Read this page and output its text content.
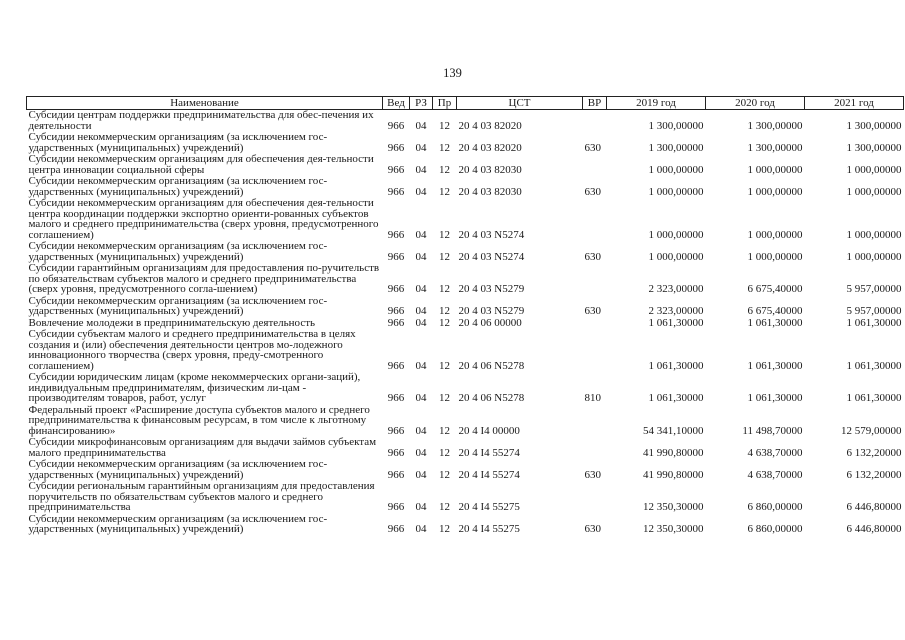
139
Наименование	Вед	РЗ	Пр	ЦСТ	ВР	2019 год	2020 год	2021 год
Субсидии центрам поддержки предпринимательства для обес-печения их деятельности	966	04	12	20 4 03 82020		1 300,00000	1 300,00000	1 300,00000
Субсидии некоммерческим организациям (за исключением гос-ударственных (муниципальных) учреждений)	966	04	12	20 4 03 82020	630	1 300,00000	1 300,00000	1 300,00000
Субсидии некоммерческим организациям для обеспечения дея-тельности центра инновации социальной сферы	966	04	12	20 4 03 82030		1 000,00000	1 000,00000	1 000,00000
Субсидии некоммерческим организациям (за исключением гос-ударственных (муниципальных) учреждений)	966	04	12	20 4 03 82030	630	1 000,00000	1 000,00000	1 000,00000
Субсидии некоммерческим организациям для обеспечения дея-тельности центра координации поддержки экспортно ориенти-рованных субъектов малого и среднего предпринимательства (сверх уровня, предусмотренного соглашением)	966	04	12	20 4 03 N5274		1 000,00000	1 000,00000	1 000,00000
Субсидии некоммерческим организациям (за исключением гос-ударственных (муниципальных) учреждений)	966	04	12	20 4 03 N5274	630	1 000,00000	1 000,00000	1 000,00000
Субсидии гарантийным организациям для предоставления по-ручительств по обязательствам субъектов малого и среднего предпринимательства (сверх уровня, предусмотренного согла-шением)	966	04	12	20 4 03 N5279		2 323,00000	6 675,40000	5 957,00000
Субсидии некоммерческим организациям (за исключением гос-ударственных (муниципальных) учреждений)	966	04	12	20 4 03 N5279	630	2 323,00000	6 675,40000	5 957,00000
Вовлечение молодежи в предпринимательскую деятельность	966	04	12	20 4 06 00000		1 061,30000	1 061,30000	1 061,30000
Субсидии субъектам малого и среднего предпринимательства в целях создания и (или) обеспечения деятельности центров мо-лодежного инновационного творчества (сверх уровня, преду-смотренного соглашением)	966	04	12	20 4 06 N5278		1 061,30000	1 061,30000	1 061,30000
Субсидии юридическим лицам (кроме некоммерческих органи-заций), индивидуальным предпринимателям, физическим ли-цам - производителям товаров, работ, услуг	966	04	12	20 4 06 N5278	810	1 061,30000	1 061,30000	1 061,30000
Федеральный проект «Расширение доступа субъектов малого и среднего предпринимательства к финансовым ресурсам, в том числе к льготному финансированию»	966	04	12	20 4 I4 00000		54 341,10000	11 498,70000	12 579,00000
Субсидии микрофинансовым организациям для выдачи займов субъектам малого предпринимательства	966	04	12	20 4 I4 55274		41 990,80000	4 638,70000	6 132,20000
Субсидии некоммерческим организациям (за исключением гос-ударственных (муниципальных) учреждений)	966	04	12	20 4 I4 55274	630	41 990,80000	4 638,70000	6 132,20000
Субсидии региональным гарантийным организациям для предоставления поручительств по обязательствам субъектов малого и среднего предпринимательства	966	04	12	20 4 I4 55275		12 350,30000	6 860,00000	6 446,80000
Субсидии некоммерческим организациям (за исключением гос-ударственных (муниципальных) учреждений)	966	04	12	20 4 I4 55275	630	12 350,30000	6 860,00000	6 446,80000
